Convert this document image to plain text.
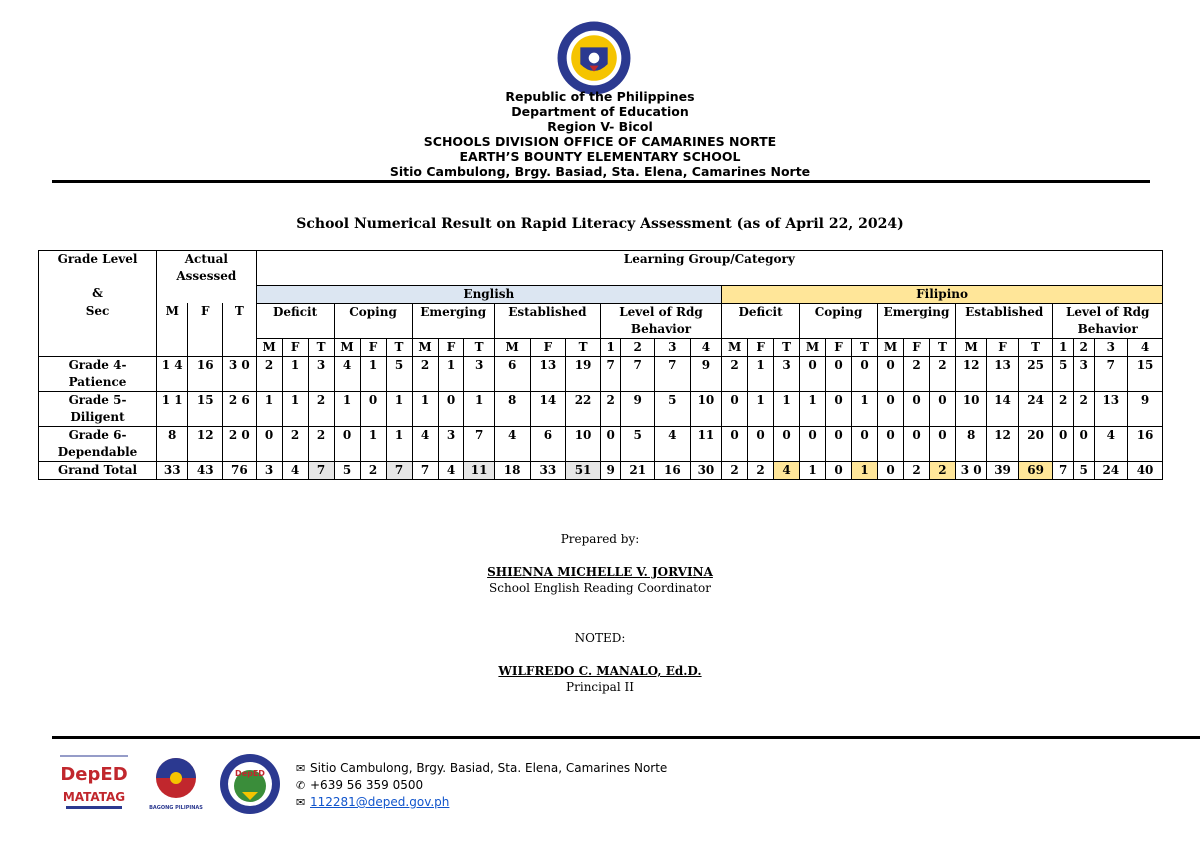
Republic of the Philippines
Department of Education
Region V- Bicol
SCHOOLS DIVISION OFFICE OF CAMARINES NORTE
EARTH’S BOUNTY ELEMENTARY SCHOOL
Sitio Cambulong, Brgy. Basiad, Sta. Elena, Camarines Norte
School Numerical Result on Rapid Literacy Assessment (as of April 22, 2024)
Grade Level	Actual Assessed			Learning Group/Category																															
&				English																Filipino															
Sec	M	F	T	Deficit			Coping			Emerging			Established			Level of Rdg Behavior				Deficit			Coping			Emerging			Established			Level of Rdg Behavior			
				M	F	T	M	F	T	M	F	T	M	F	T	1	2	3	4	M	F	T	M	F	T	M	F	T	M	F	T	1	2	3	4

Grade 4-
Patience	1 4	16	3 0	2	1	3	4	1	5	2	1	3	6	13	19	7	7	7	9	2	1	3	0	0	0	0	2	2	12	13	25	5	3	7	15

Grade 5-
Diligent	1 1	15	2 6	1	1	2	1	0	1	1	0	1	8	14	22	2	9	5	10	0	1	1	1	0	1	0	0	0	10	14	24	2	2	13	9

Grade 6-
Dependable	8	12	2 0	0	2	2	0	1	1	4	3	7	4	6	10	0	5	4	11	0	0	0	0	0	0	0	0	0	8	12	20	0	0	4	16

Grand Total	33	43	76	3	4	7	5	2	7	7	4	11	18	33	51	9	21	16	30	2	2	4	1	0	1	0	2	2	3 0	39	69	7	5	24	40
Prepared by:
SHIENNA MICHELLE V. JORVINA
School English Reading Coordinator
NOTED:
WILFREDO C. MANALO, Ed.D.
Principal II
DepED
MATATAG
BAGONG PILIPINAS
DepED	✉ Sitio Cambulong, Brgy. Basiad, Sta. Elena, Camarines Norte
✆ +639 56 359 0500
✉ 112281@deped.gov.ph
